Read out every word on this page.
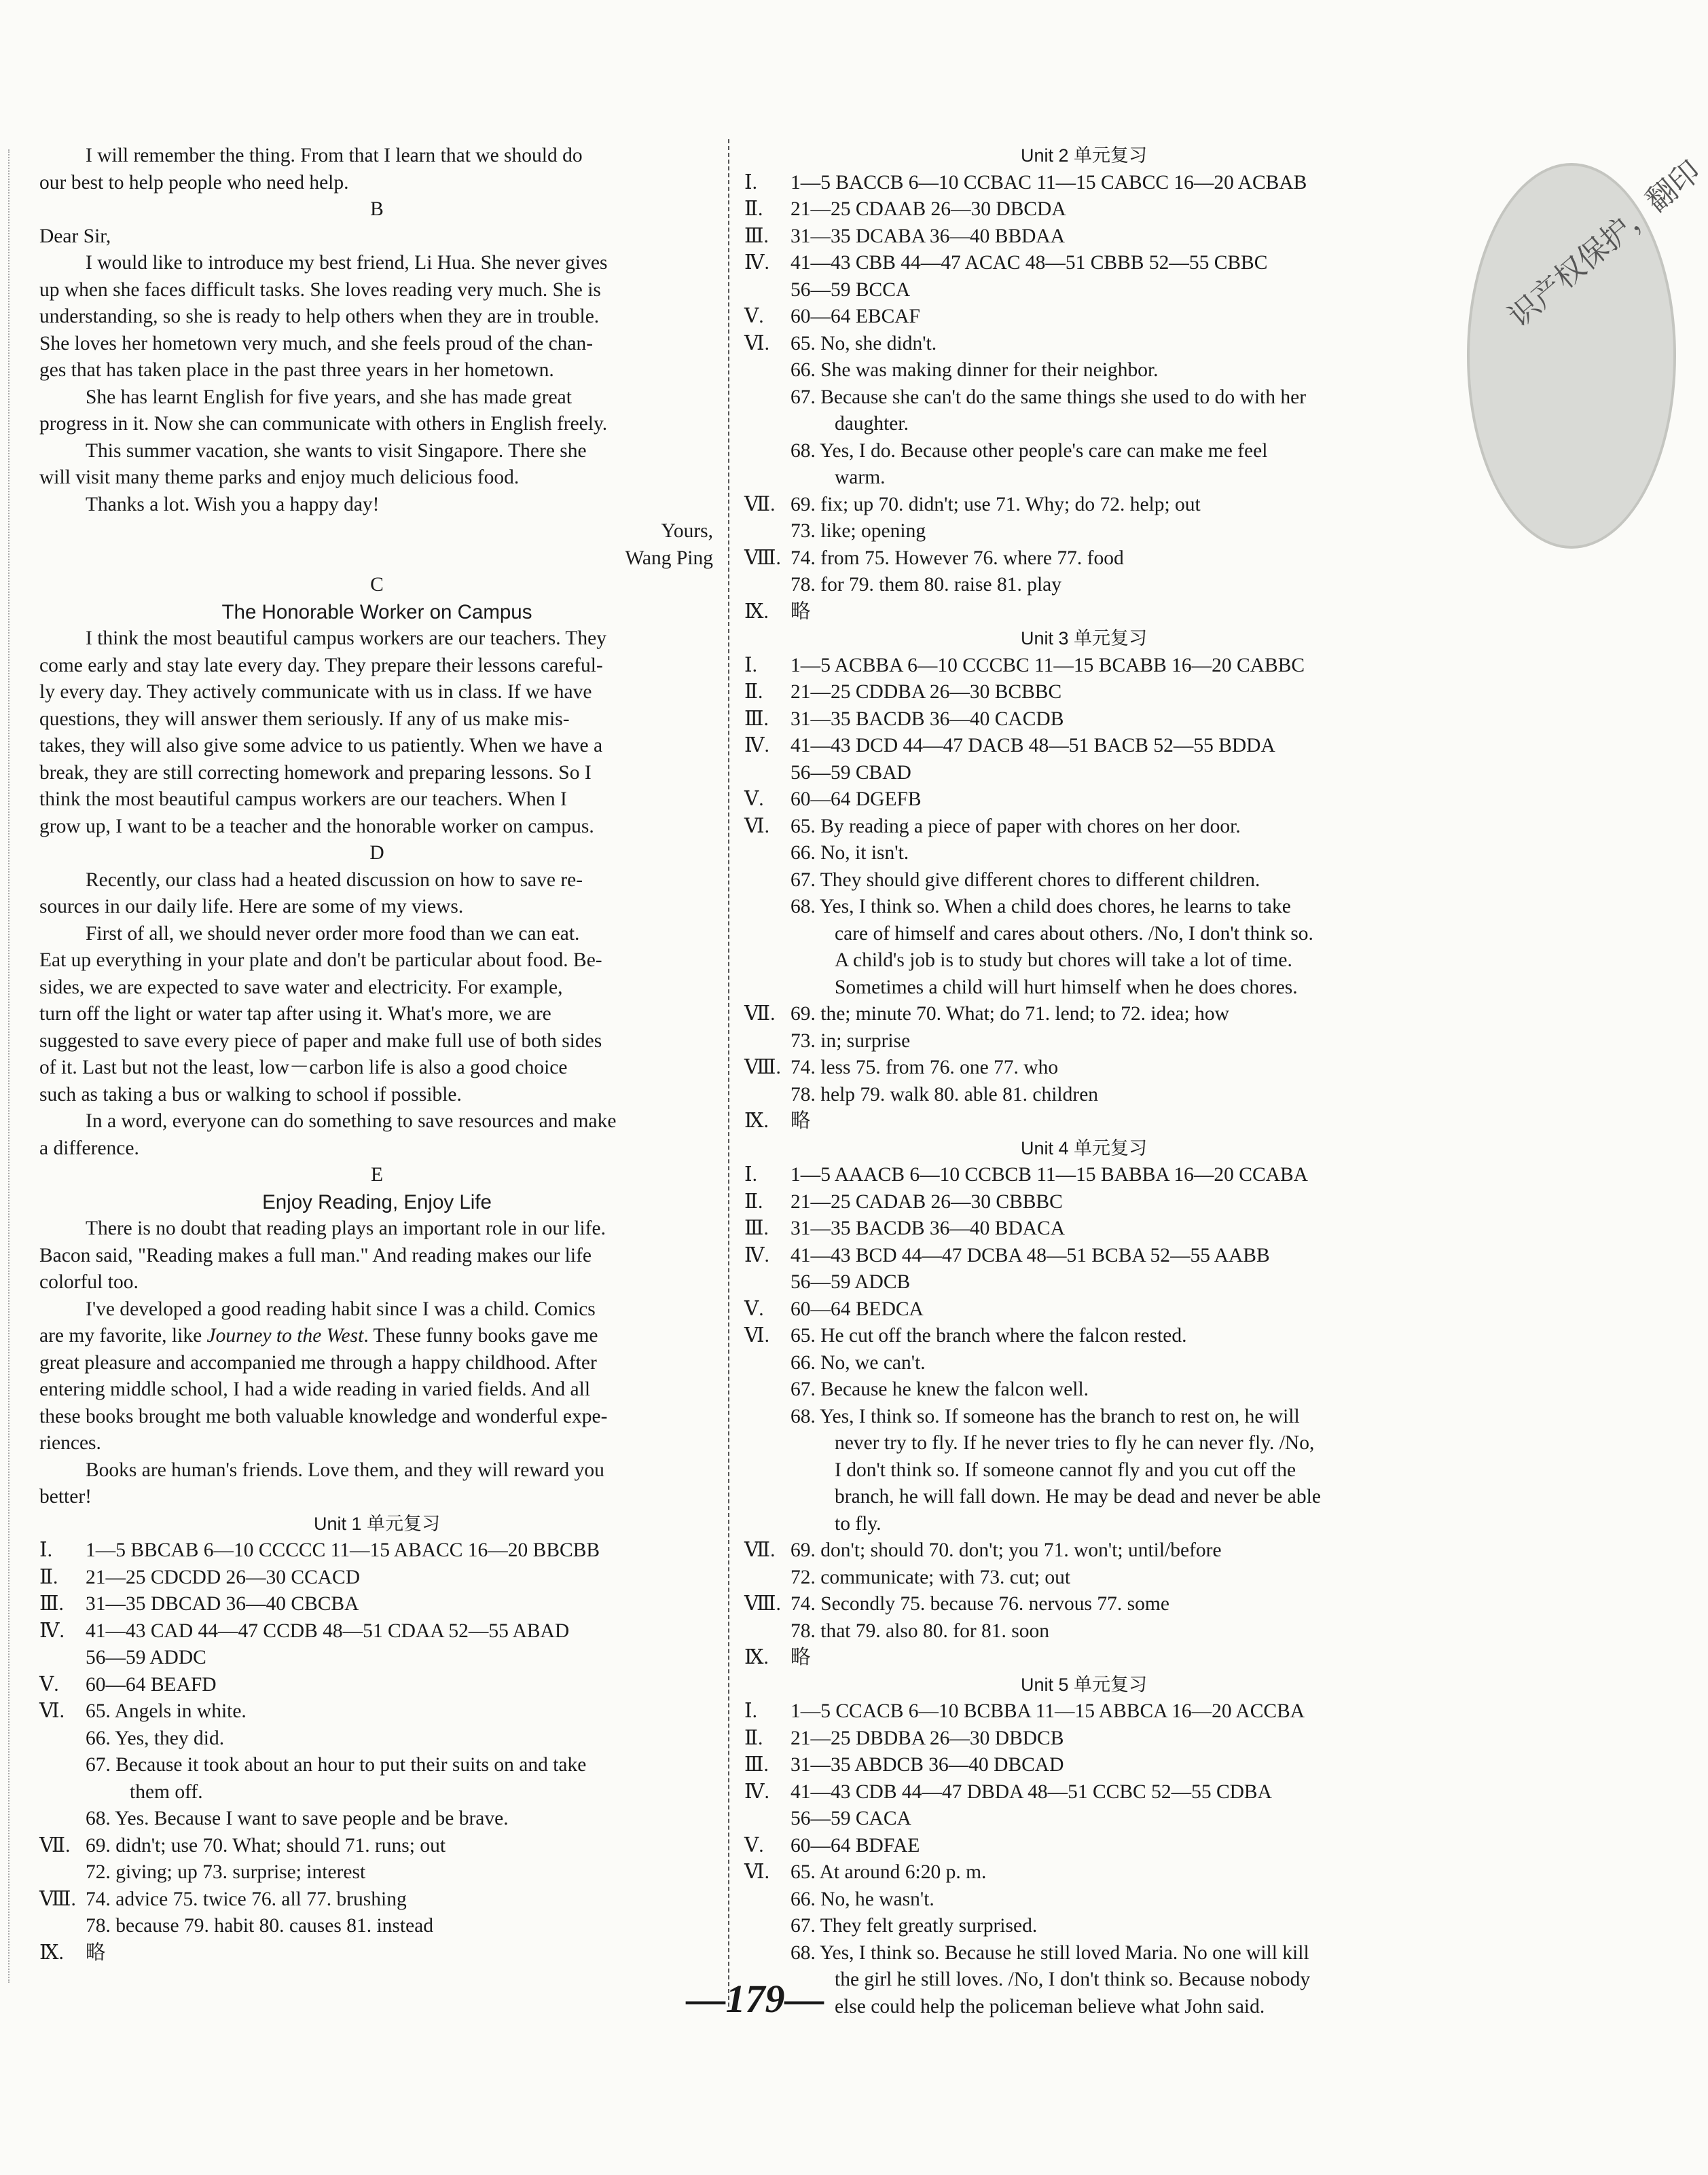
识产权保护，翻印
I will remember the thing. From that I learn that we should do
our best to help people who need help.
B
Dear Sir,
I would like to introduce my best friend, Li Hua. She never gives
up when she faces difficult tasks. She loves reading very much. She is
understanding, so she is ready to help others when they are in trouble.
She loves her hometown very much, and she feels proud of the chan-
ges that has taken place in the past three years in her hometown.
She has learnt English for five years, and she has made great
progress in it. Now she can communicate with others in English freely.
This summer vacation, she wants to visit Singapore. There she
will visit many theme parks and enjoy much delicious food.
Thanks a lot. Wish you a happy day!
Yours,
Wang Ping
C
The Honorable Worker on Campus
I think the most beautiful campus workers are our teachers. They
come early and stay late every day. They prepare their lessons careful-
ly every day. They actively communicate with us in class. If we have
questions, they will answer them seriously. If any of us make mis-
takes, they will also give some advice to us patiently. When we have a
break, they are still correcting homework and preparing lessons. So I
think the most beautiful campus workers are our teachers. When I
grow up, I want to be a teacher and the honorable worker on campus.
D
Recently, our class had a heated discussion on how to save re-
sources in our daily life. Here are some of my views.
First of all, we should never order more food than we can eat.
Eat up everything in your plate and don't be particular about food. Be-
sides, we are expected to save water and electricity. For example,
turn off the light or water tap after using it. What's more, we are
suggested to save every piece of paper and make full use of both sides
of it. Last but not the least, low－carbon life is also a good choice
such as taking a bus or walking to school if possible.
In a word, everyone can do something to save resources and make
a difference.
E
Enjoy Reading, Enjoy Life
There is no doubt that reading plays an important role in our life.
Bacon said, "Reading makes a full man." And reading makes our life
colorful too.
I've developed a good reading habit since I was a child. Comics
are my favorite, like Journey to the West. These funny books gave me
great pleasure and accompanied me through a happy childhood. After
entering middle school, I had a wide reading in varied fields. And all
these books brought me both valuable knowledge and wonderful expe-
riences.
Books are human's friends. Love them, and they will reward you
better!
Unit 1 单元复习
Ⅰ.	1—5 BBCAB 6—10 CCCCC 11—15 ABACC 16—20 BBCBB
Ⅱ.	21—25 CDCDD 26—30 CCACD
Ⅲ.	31—35 DBCAD 36—40 CBCBA
Ⅳ.	41—43 CAD 44—47 CCDB 48—51 CDAA 52—55 ABAD
56—59 ADDC
Ⅴ.	60—64 BEAFD
Ⅵ.	65. Angels in white.
66. Yes, they did.
67. Because it took about an hour to put their suits on and take
them off.
68. Yes. Because I want to save people and be brave.
Ⅶ. 69. didn't; use 70. What; should 71. runs; out
72. giving; up 73. surprise; interest
Ⅷ. 74. advice 75. twice 76. all 77. brushing
78. because 79. habit 80. causes 81. instead
Ⅸ.	略
Unit 2 单元复习
Ⅰ.	1—5 BACCB 6—10 CCBAC 11—15 CABCC 16—20 ACBAB
Ⅱ.	21—25 CDAAB 26—30 DBCDA
Ⅲ.	31—35 DCABA 36—40 BBDAA
Ⅳ.	41—43 CBB 44—47 ACAC 48—51 CBBB 52—55 CBBC
56—59 BCCA
Ⅴ.	60—64 EBCAF
Ⅵ.	65. No, she didn't.
66. She was making dinner for their neighbor.
67. Because she can't do the same things she used to do with her
daughter.
68. Yes, I do. Because other people's care can make me feel
warm.
Ⅶ. 69. fix; up 70. didn't; use 71. Why; do 72. help; out
73. like; opening
Ⅷ. 74. from 75. However 76. where 77. food
78. for 79. them 80. raise 81. play
Ⅸ.	略
Unit 3 单元复习
Ⅰ.	1—5 ACBBA 6—10 CCCBC 11—15 BCABB 16—20 CABBC
Ⅱ.	21—25 CDDBA 26—30 BCBBC
Ⅲ.	31—35 BACDB 36—40 CACDB
Ⅳ.	41—43 DCD 44—47 DACB 48—51 BACB 52—55 BDDA
56—59 CBAD
Ⅴ.	60—64 DGEFB
Ⅵ.	65. By reading a piece of paper with chores on her door.
66. No, it isn't.
67. They should give different chores to different children.
68. Yes, I think so. When a child does chores, he learns to take
care of himself and cares about others. /No, I don't think so.
A child's job is to study but chores will take a lot of time.
Sometimes a child will hurt himself when he does chores.
Ⅶ. 69. the; minute 70. What; do 71. lend; to 72. idea; how
73. in; surprise
Ⅷ. 74. less 75. from 76. one 77. who
78. help 79. walk 80. able 81. children
Ⅸ.	略
Unit 4 单元复习
Ⅰ.	1—5 AAACB 6—10 CCBCB 11—15 BABBA 16—20 CCABA
Ⅱ.	21—25 CADAB 26—30 CBBBC
Ⅲ.	31—35 BACDB 36—40 BDACA
Ⅳ.	41—43 BCD 44—47 DCBA 48—51 BCBA 52—55 AABB
56—59 ADCB
Ⅴ.	60—64 BEDCA
Ⅵ.	65. He cut off the branch where the falcon rested.
66. No, we can't.
67. Because he knew the falcon well.
68. Yes, I think so. If someone has the branch to rest on, he will
never try to fly. If he never tries to fly he can never fly. /No,
I don't think so. If someone cannot fly and you cut off the
branch, he will fall down. He may be dead and never be able
to fly.
Ⅶ. 69. don't; should 70. don't; you 71. won't; until/before
72. communicate; with 73. cut; out
Ⅷ. 74. Secondly 75. because 76. nervous 77. some
78. that 79. also 80. for 81. soon
Ⅸ.	略
Unit 5 单元复习
Ⅰ.	1—5 CCACB 6—10 BCBBA 11—15 ABBCA 16—20 ACCBA
Ⅱ.	21—25 DBDBA 26—30 DBDCB
Ⅲ.	31—35 ABDCB 36—40 DBCAD
Ⅳ.	41—43 CDB 44—47 DBDA 48—51 CCBC 52—55 CDBA
56—59 CACA
Ⅴ.	60—64 BDFAE
Ⅵ.	65. At around 6:20 p. m.
66. No, he wasn't.
67. They felt greatly surprised.
68. Yes, I think so. Because he still loved Maria. No one will kill
the girl he still loves. /No, I don't think so. Because nobody
else could help the policeman believe what John said.
—179—
